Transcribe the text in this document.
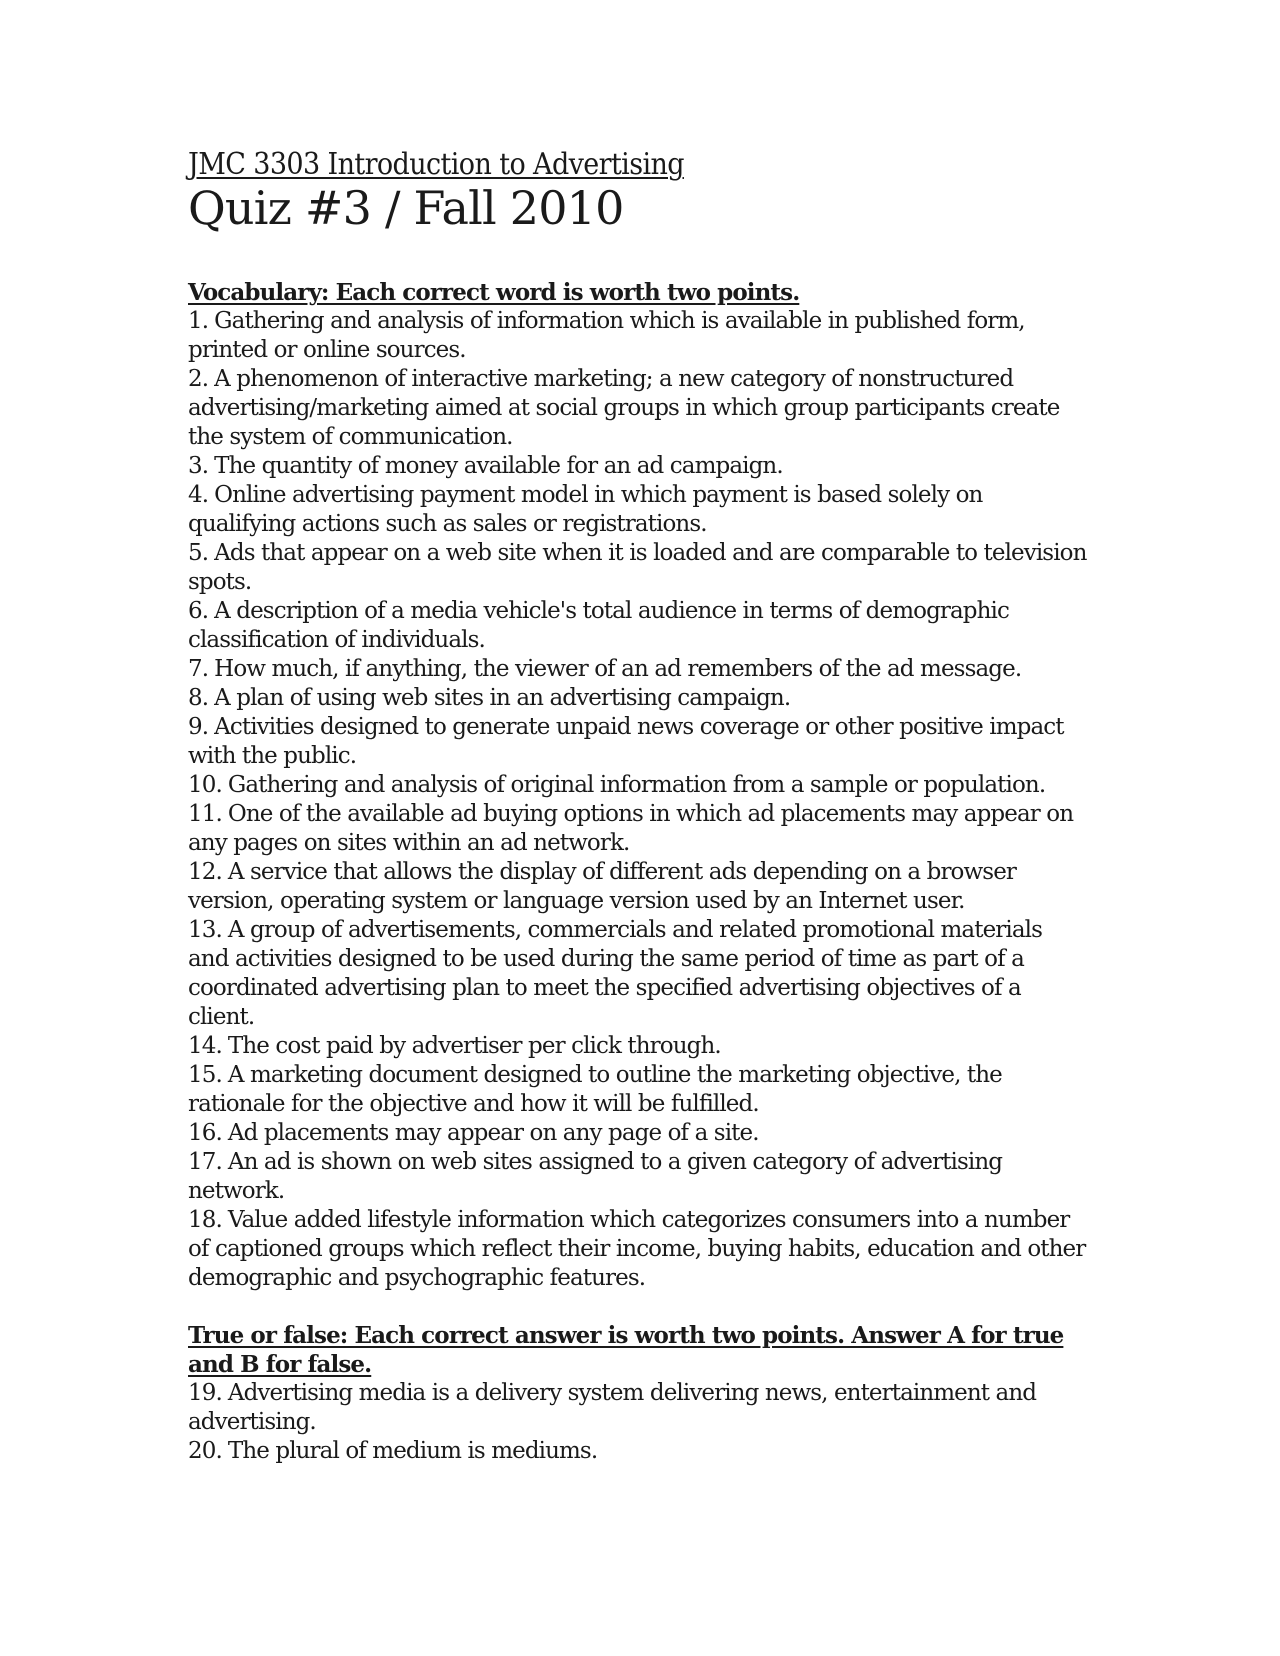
JMC 3303 Introduction to Advertising
Quiz #3 / Fall 2010

Vocabulary: Each correct word is worth two points.

1. Gathering and analysis of information which is available in published form, printed or online sources.
2. A phenomenon of interactive marketing; a new category of nonstructured advertising/marketing aimed at social groups in which group participants create the system of communication.
3. The quantity of money available for an ad campaign.
4. Online advertising payment model in which payment is based solely on qualifying actions such as sales or registrations.
5. Ads that appear on a web site when it is loaded and are comparable to television spots.
6. A description of a media vehicle's total audience in terms of demographic classification of individuals.
7. How much, if anything, the viewer of an ad remembers of the ad message.
8. A plan of using web sites in an advertising campaign.
9. Activities designed to generate unpaid news coverage or other positive impact with the public.
10. Gathering and analysis of original information from a sample or population.
11. One of the available ad buying options in which ad placements may appear on any pages on sites within an ad network.
12. A service that allows the display of different ads depending on a browser version, operating system or language version used by an Internet user.
13. A group of advertisements, commercials and related promotional materials and activities designed to be used during the same period of time as part of a coordinated advertising plan to meet the specified advertising objectives of a client.
14. The cost paid by advertiser per click through.
15. A marketing document designed to outline the marketing objective, the rationale for the objective and how it will be fulfilled.
16. Ad placements may appear on any page of a site.
17. An ad is shown on web sites assigned to a given category of advertising network.
18. Value added lifestyle information which categorizes consumers into a number of captioned groups which reflect their income, buying habits, education and other demographic and psychographic features.

True or false: Each correct answer is worth two points. Answer A for true and B for false.

19. Advertising media is a delivery system delivering news, entertainment and advertising.
20. The plural of medium is mediums.
